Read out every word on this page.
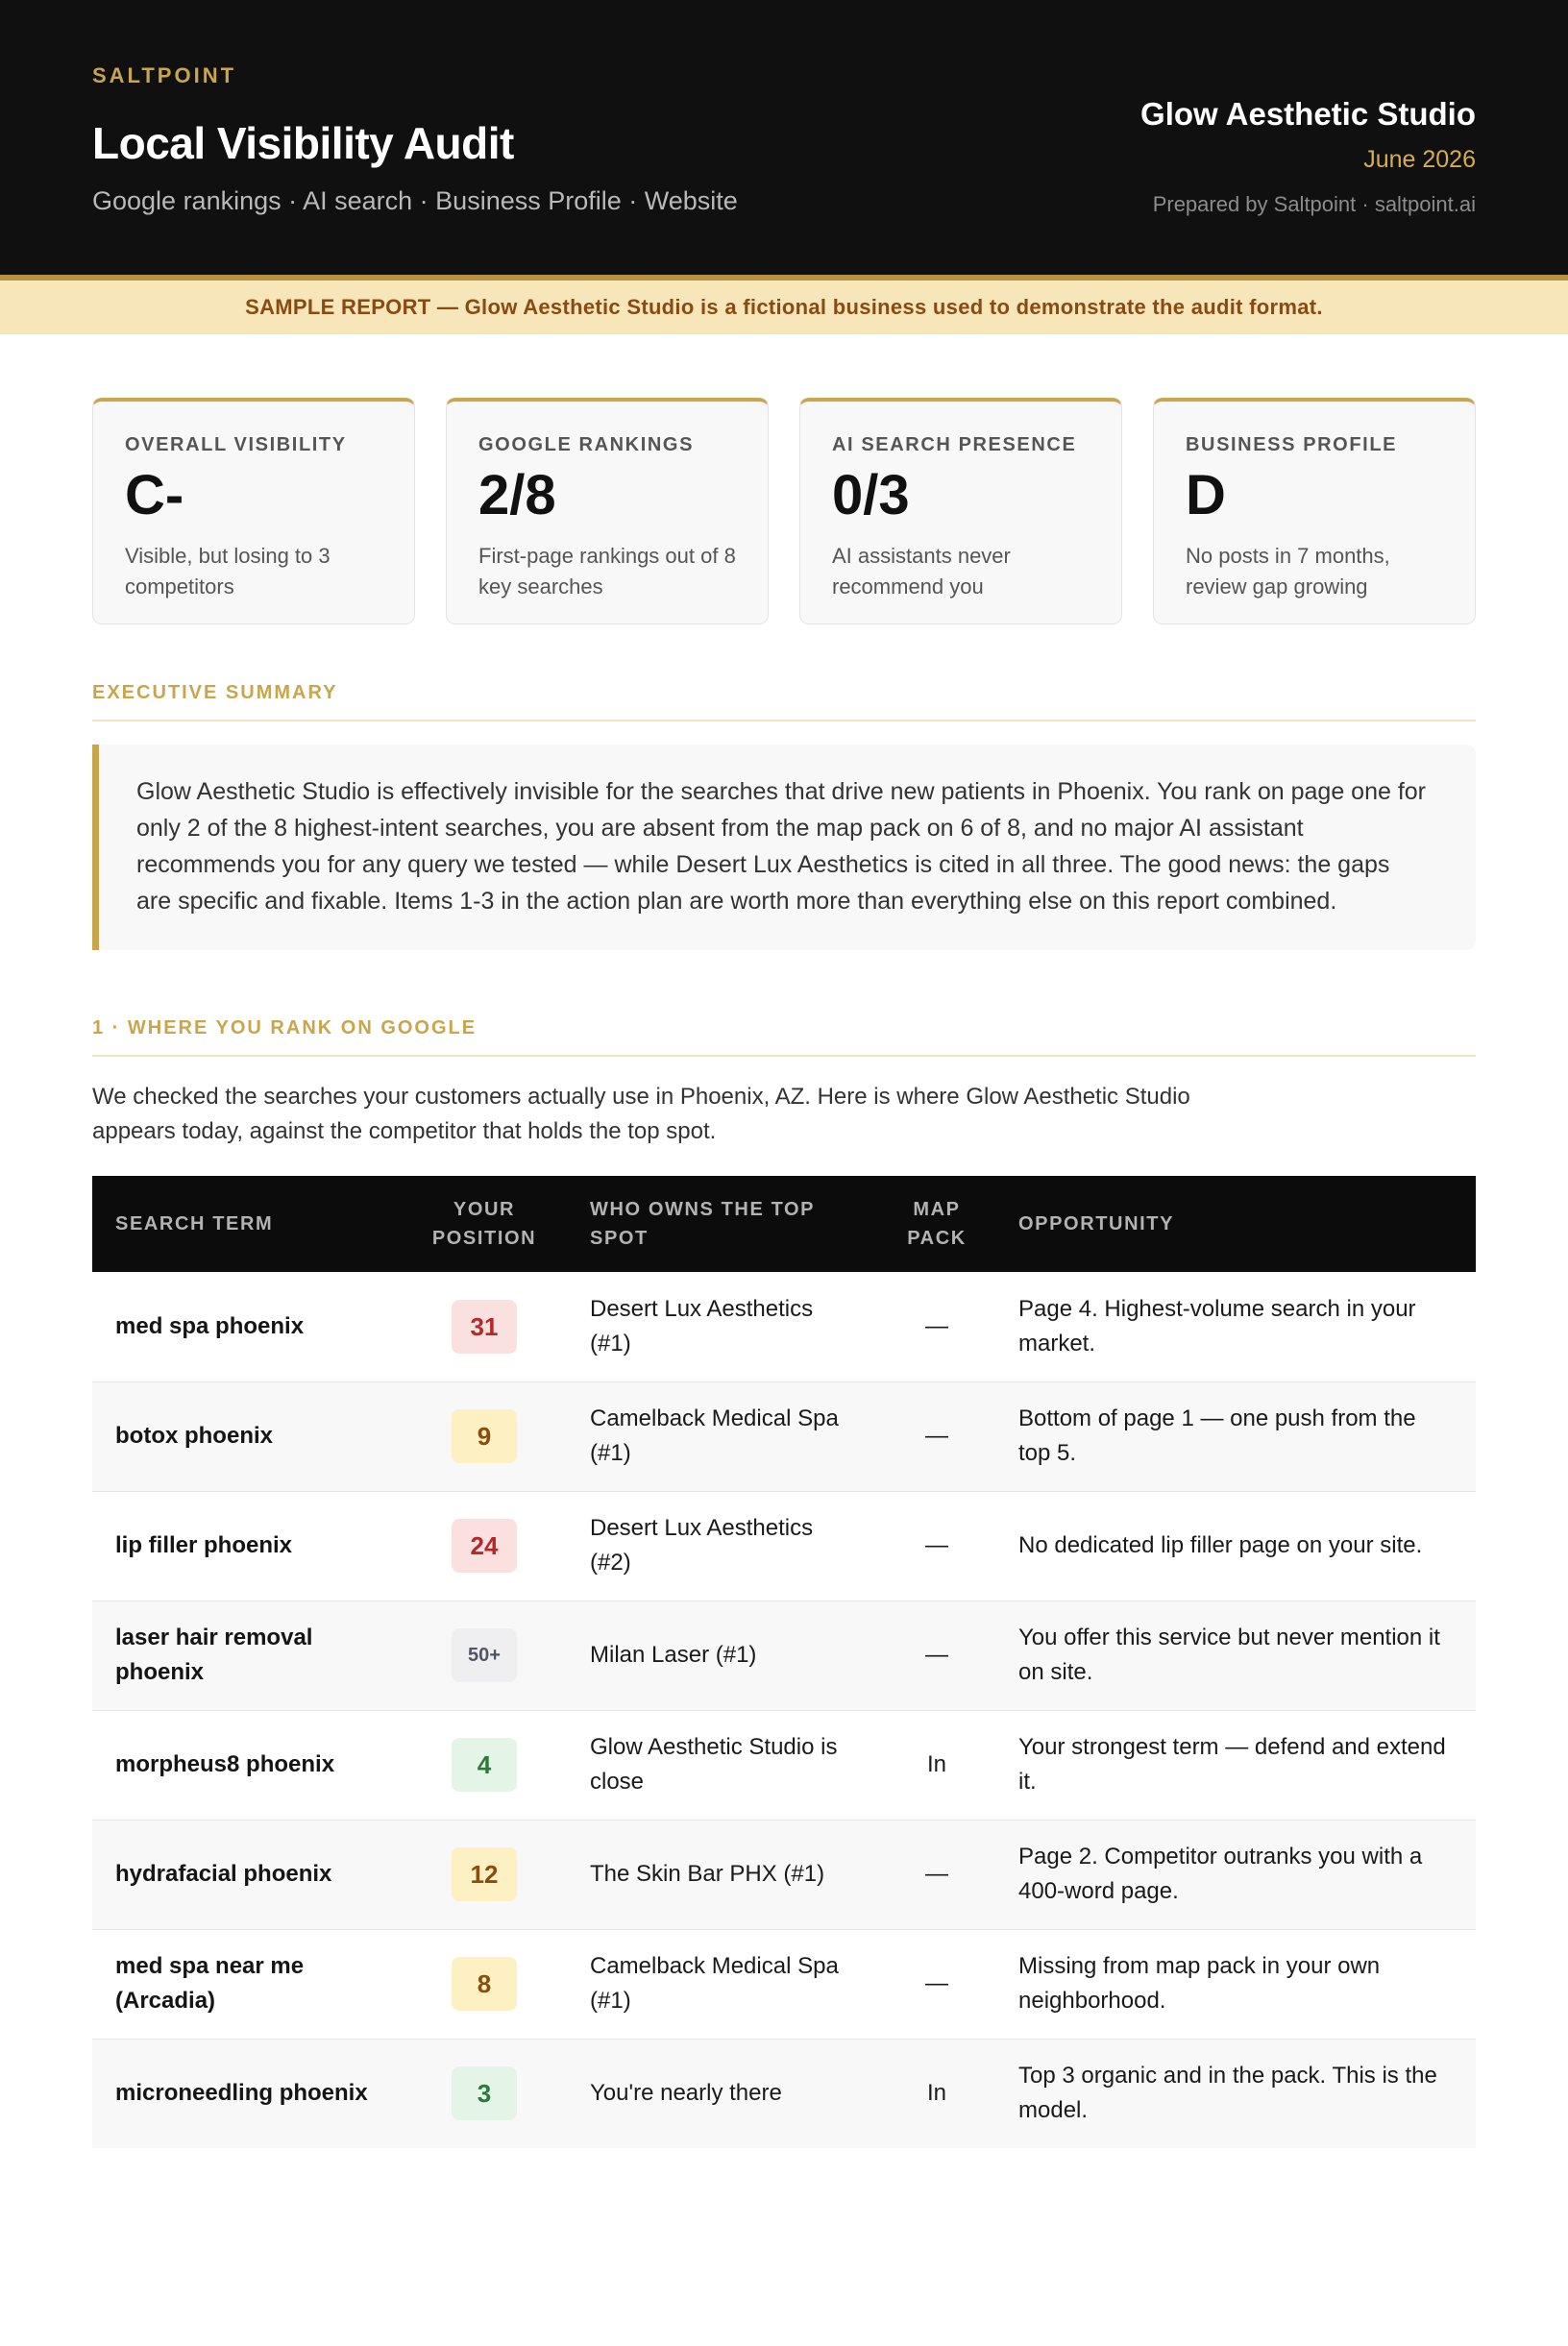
SALTPOINT
Local Visibility Audit
Google rankings · AI search · Business Profile · Website
Glow Aesthetic Studio
June 2026
Prepared by Saltpoint · saltpoint.ai
SAMPLE REPORT — Glow Aesthetic Studio is a fictional business used to demonstrate the audit format.
OVERALL VISIBILITY
C-
Visible, but losing to 3 competitors
GOOGLE RANKINGS
2/8
First-page rankings out of 8 key searches
AI SEARCH PRESENCE
0/3
AI assistants never recommend you
BUSINESS PROFILE
D
No posts in 7 months, review gap growing
EXECUTIVE SUMMARY
Glow Aesthetic Studio is effectively invisible for the searches that drive new patients in Phoenix. You rank on page one for only 2 of the 8 highest-intent searches, you are absent from the map pack on 6 of 8, and no major AI assistant recommends you for any query we tested — while Desert Lux Aesthetics is cited in all three. The good news: the gaps are specific and fixable. Items 1-3 in the action plan are worth more than everything else on this report combined.
1 · WHERE YOU RANK ON GOOGLE
We checked the searches your customers actually use in Phoenix, AZ. Here is where Glow Aesthetic Studio appears today, against the competitor that holds the top spot.
SEARCH TERM	YOUR POSITION	WHO OWNS THE TOP SPOT	MAP PACK	OPPORTUNITY
med spa phoenix	31	Desert Lux Aesthetics (#1)	—	Page 4. Highest-volume search in your market.
botox phoenix	9	Camelback Medical Spa (#1)	—	Bottom of page 1 — one push from the top 5.
lip filler phoenix	24	Desert Lux Aesthetics (#2)	—	No dedicated lip filler page on your site.
laser hair removal phoenix	50+	Milan Laser (#1)	—	You offer this service but never mention it on site.
morpheus8 phoenix	4	Glow Aesthetic Studio is close	In	Your strongest term — defend and extend it.
hydrafacial phoenix	12	The Skin Bar PHX (#1)	—	Page 2. Competitor outranks you with a 400-word page.
med spa near me (Arcadia)	8	Camelback Medical Spa (#1)	—	Missing from map pack in your own neighborhood.
microneedling phoenix	3	You're nearly there	In	Top 3 organic and in the pack. This is the model.
